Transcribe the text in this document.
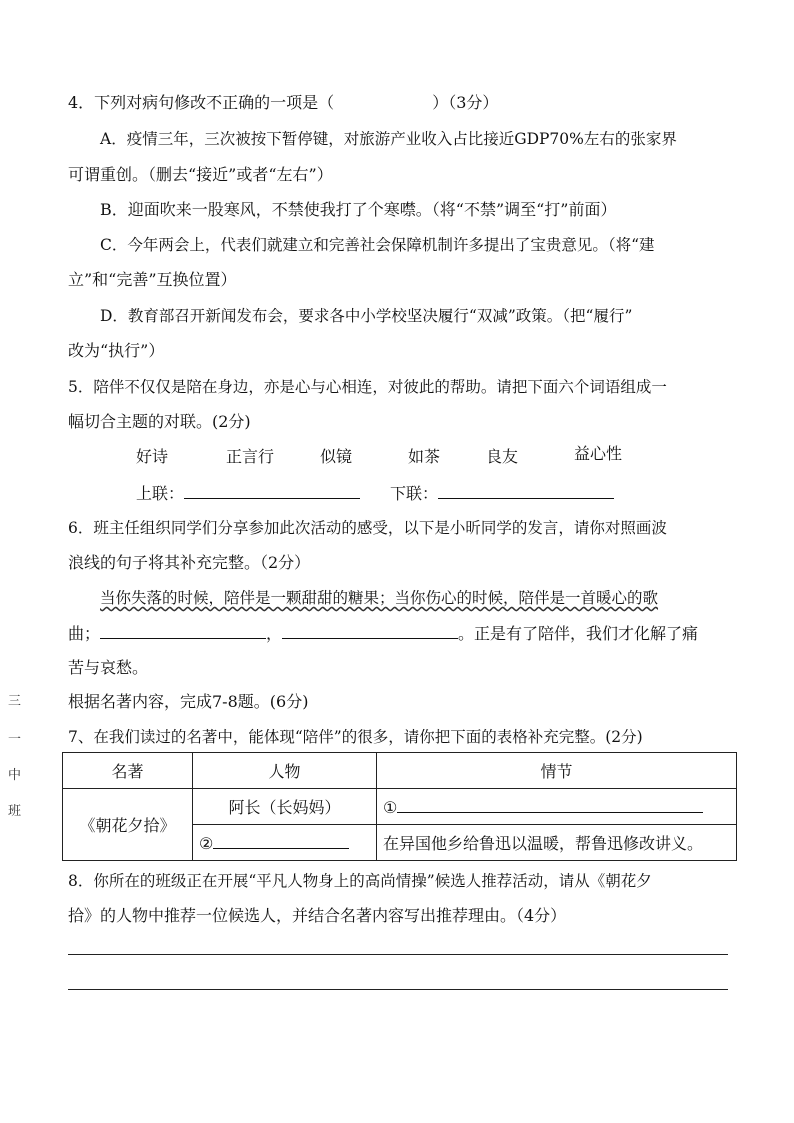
4．下列对病句修改不正确的一项是（	）（3分）
A．疫情三年，三次被按下暂停键，对旅游产业收入占比接近GDP70%左右的张家界
可谓重创。（删去“接近”或者“左右”）
B．迎面吹来一股寒风，不禁使我打了个寒噤。（将“不禁”调至“打”前面）
C．今年两会上，代表们就建立和完善社会保障机制许多提出了宝贵意见。（将“建
立”和“完善”互换位置）
D．教育部召开新闻发布会，要求各中小学校坚决履行“双减”政策。（把“履行”
改为“执行”）
5．陪伴不仅仅是陪在身边，亦是心与心相连，对彼此的帮助。请把下面六个词语组成一
幅切合主题的对联。(2分)
好诗	正言行	似镜	如茶	良友	益心性
上联：	下联：
6．班主任组织同学们分享参加此次活动的感受，以下是小昕同学的发言，请你对照画波
浪线的句子将其补充完整。（2分）
当你失落的时候，陪伴是一颗甜甜的糖果；当你伤心的时候，陪伴是一首暖心的歌
曲；	，	。正是有了陪伴，我们才化解了痛
苦与哀愁。
根据名著内容，完成7-8题。(6分)
7、在我们读过的名著中，能体现“陪伴”的很多，请你把下面的表格补充完整。(2分)
名著	人物	情节
《朝花夕拾》	阿长（长妈妈）	①
	②	在异国他乡给鲁迅以温暖，帮鲁迅修改讲义。
8．你所在的班级正在开展“平凡人物身上的高尚情操”候选人推荐活动，请从《朝花夕
拾》的人物中推荐一位候选人，并结合名著内容写出推荐理由。（4分）
三
一
中
班
